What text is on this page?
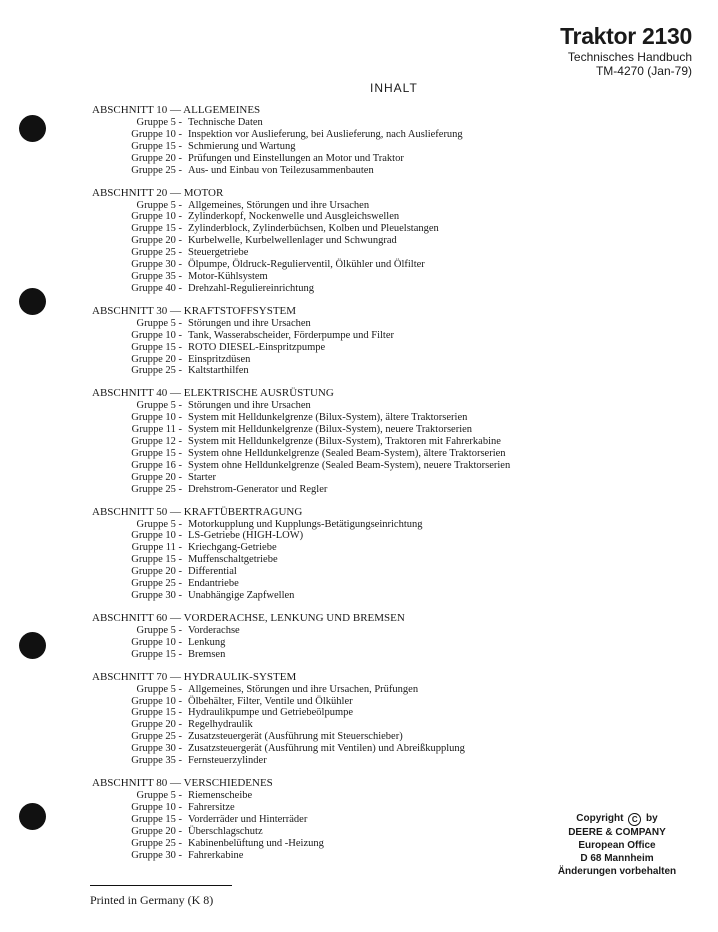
Traktor 2130
Technisches Handbuch
TM-4270 (Jan-79)
INHALT
ABSCHNITT 10 — ALLGEMEINES
Gruppe 5 - Technische Daten
Gruppe 10 - Inspektion vor Auslieferung, bei Auslieferung, nach Auslieferung
Gruppe 15 - Schmierung und Wartung
Gruppe 20 - Prüfungen und Einstellungen an Motor und Traktor
Gruppe 25 - Aus- und Einbau von Teilezusammenbauten
ABSCHNITT 20 — MOTOR
Gruppe 5 - Allgemeines, Störungen und ihre Ursachen
Gruppe 10 - Zylinderkopf, Nockenwelle und Ausgleichswellen
Gruppe 15 - Zylinderblock, Zylinderbüchsen, Kolben und Pleuelstangen
Gruppe 20 - Kurbelwelle, Kurbelwellenlager und Schwungrad
Gruppe 25 - Steuergetriebe
Gruppe 30 - Ölpumpe, Öldruck-Regulierventil, Ölkühler und Ölfilter
Gruppe 35 - Motor-Kühlsystem
Gruppe 40 - Drehzahl-Reguliereinrichtung
ABSCHNITT 30 — KRAFTSTOFFSYSTEM
Gruppe 5 - Störungen und ihre Ursachen
Gruppe 10 - Tank, Wasserabscheider, Förderpumpe und Filter
Gruppe 15 - ROTO DIESEL-Einspritzpumpe
Gruppe 20 - Einspritzdüsen
Gruppe 25 - Kaltstarthilfen
ABSCHNITT 40 — ELEKTRISCHE AUSRÜSTUNG
Gruppe 5 - Störungen und ihre Ursachen
Gruppe 10 - System mit Helldunkelgrenze (Bilux-System), ältere Traktorserien
Gruppe 11 - System mit Helldunkelgrenze (Bilux-System), neuere Traktorserien
Gruppe 12 - System mit Helldunkelgrenze (Bilux-System), Traktoren mit Fahrerkabine
Gruppe 15 - System ohne Helldunkelgrenze (Sealed Beam-System), ältere Traktorserien
Gruppe 16 - System ohne Helldunkelgrenze (Sealed Beam-System), neuere Traktorserien
Gruppe 20 - Starter
Gruppe 25 - Drehstrom-Generator und Regler
ABSCHNITT 50 — KRAFTÜBERTRAGUNG
Gruppe 5 - Motorkupplung und Kupplungs-Betätigungseinrichtung
Gruppe 10 - LS-Getriebe (HIGH-LOW)
Gruppe 11 - Kriechgang-Getriebe
Gruppe 15 - Muffenschaltgetriebe
Gruppe 20 - Differential
Gruppe 25 - Endantriebe
Gruppe 30 - Unabhängige Zapfwellen
ABSCHNITT 60 — VORDERACHSE, LENKUNG UND BREMSEN
Gruppe 5 - Vorderachse
Gruppe 10 - Lenkung
Gruppe 15 - Bremsen
ABSCHNITT 70 — HYDRAULIK-SYSTEM
Gruppe 5 - Allgemeines, Störungen und ihre Ursachen, Prüfungen
Gruppe 10 - Ölbehälter, Filter, Ventile und Ölkühler
Gruppe 15 - Hydraulikpumpe und Getriebeölpumpe
Gruppe 20 - Regelhydraulik
Gruppe 25 - Zusatzsteuergerät (Ausführung mit Steuerschieber)
Gruppe 30 - Zusatzsteuergerät (Ausführung mit Ventilen) und Abreißkupplung
Gruppe 35 - Fernsteuerzylinder
ABSCHNITT 80 — VERSCHIEDENES
Gruppe 5 - Riemenscheibe
Gruppe 10 - Fahrersitze
Gruppe 15 - Vorderräder und Hinterräder
Gruppe 20 - Überschlagschutz
Gruppe 25 - Kabinenbelüftung und -Heizung
Gruppe 30 - Fahrerkabine
Copyright C by
DEERE & COMPANY
European Office
D 68 Mannheim
Änderungen vorbehalten
Printed in Germany (K 8)
